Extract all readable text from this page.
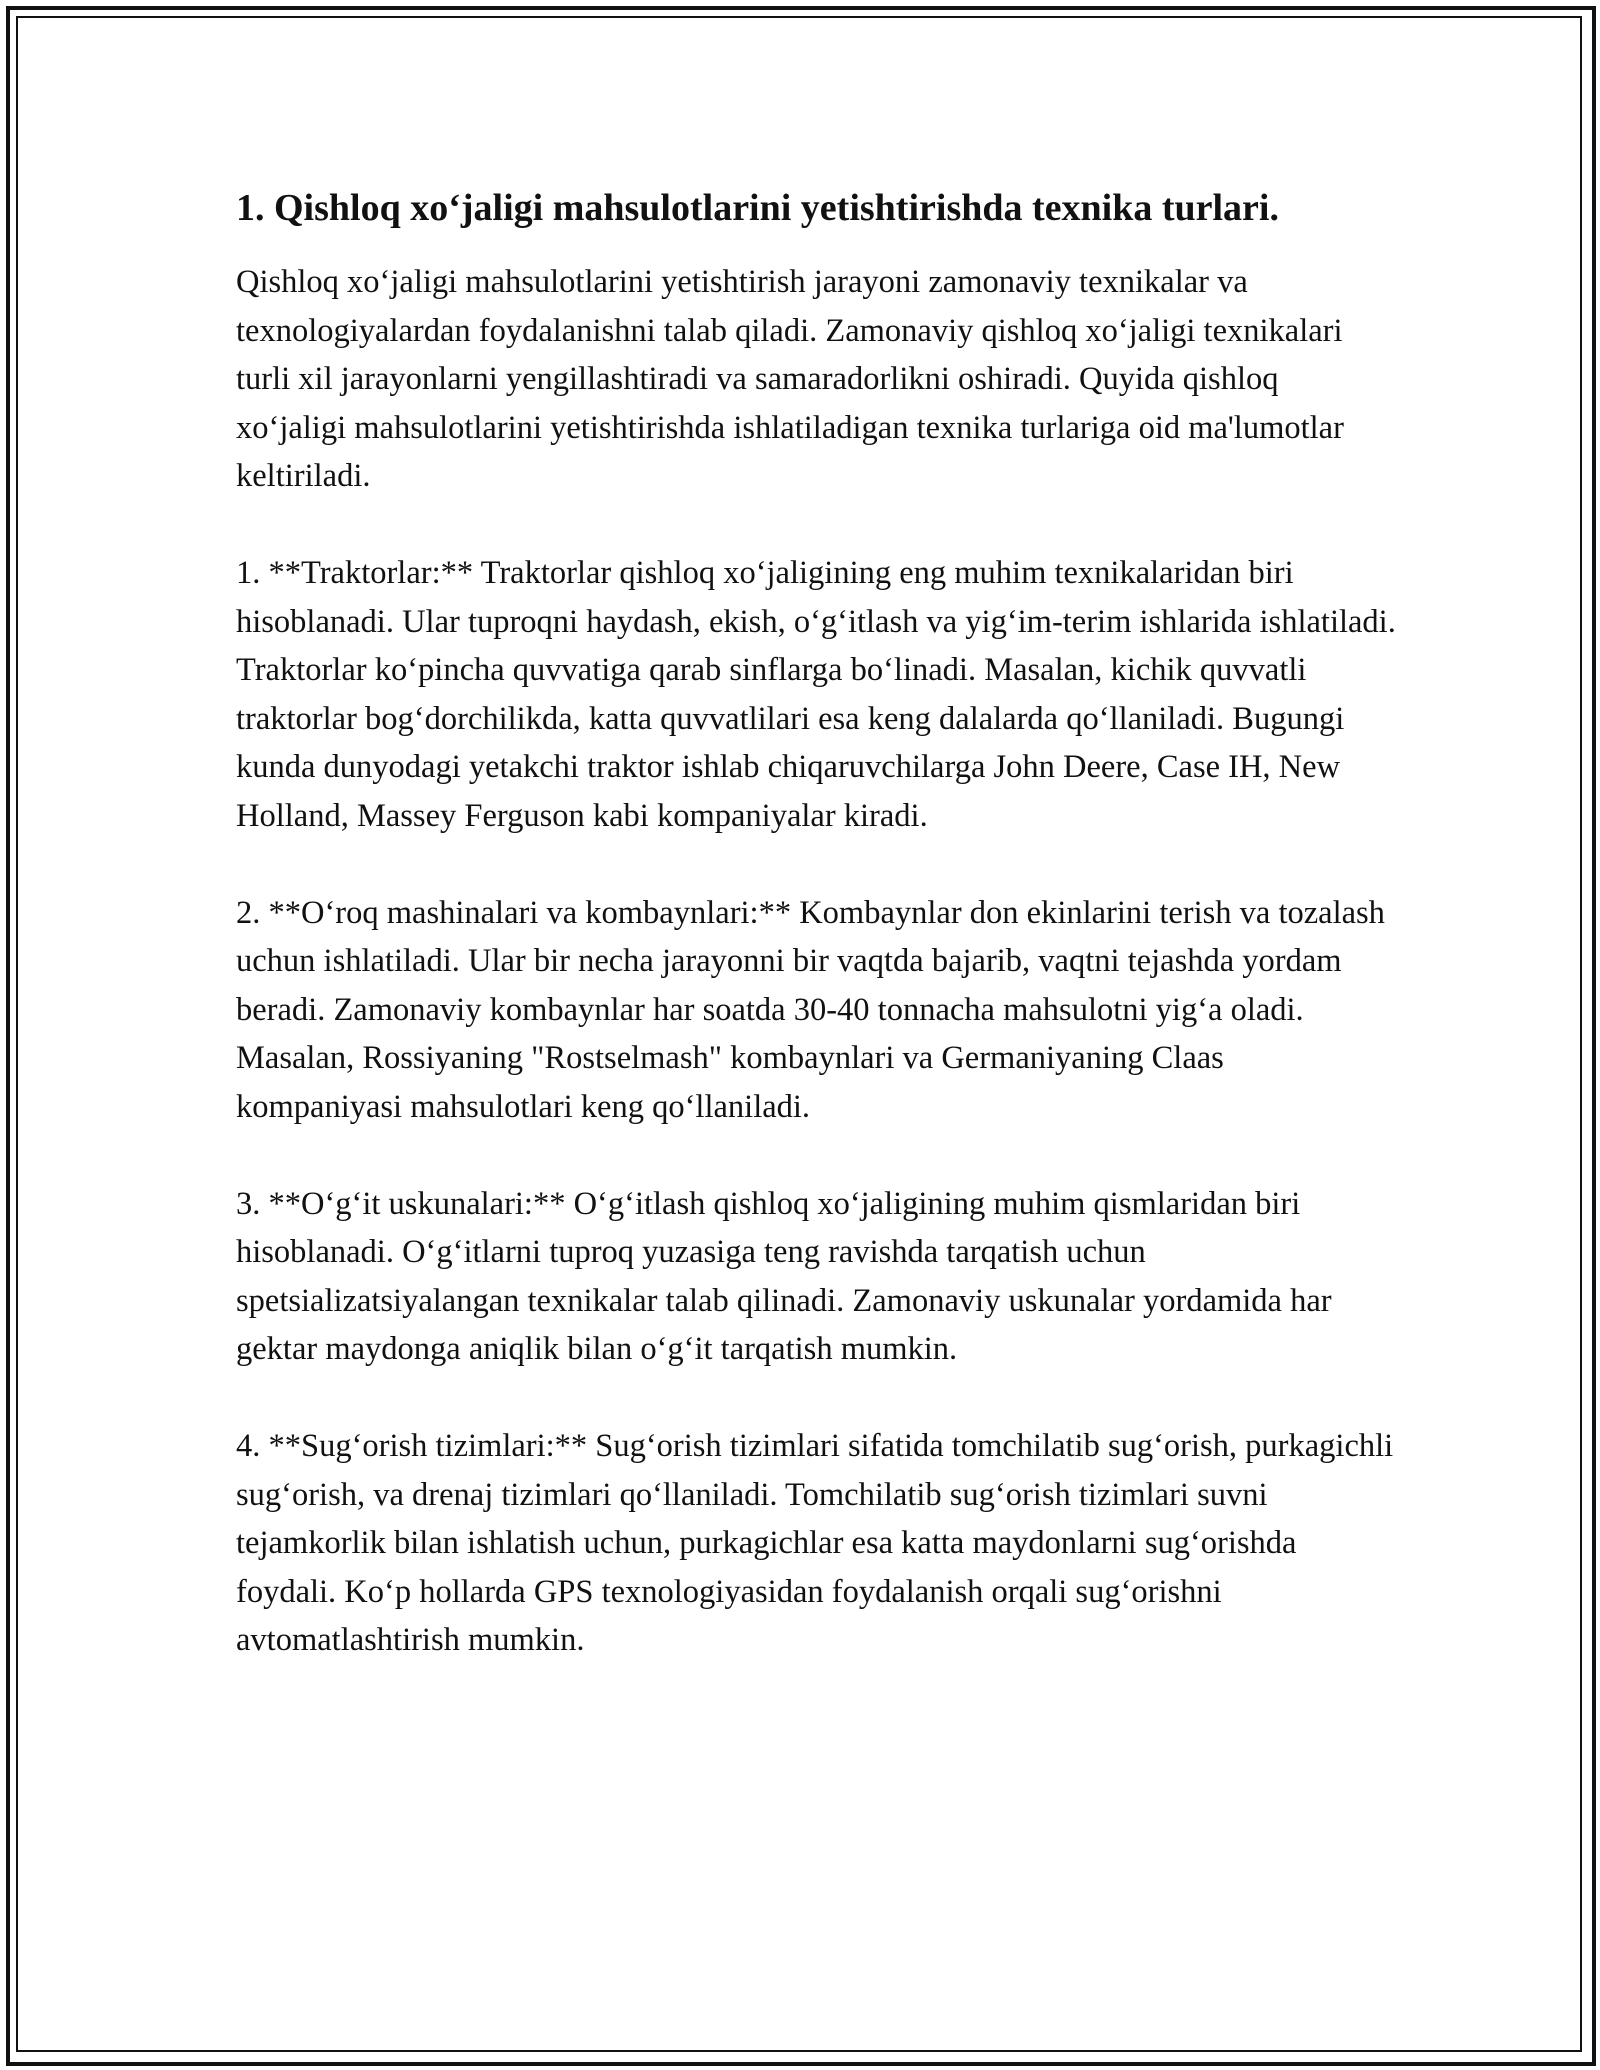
1. Qishloq xo‘jaligi mahsulotlarini yetishtirishda texnika turlari.

Qishloq xo‘jaligi mahsulotlarini yetishtirish jarayoni zamonaviy texnikalar va texnologiyalardan foydalanishni talab qiladi. Zamonaviy qishloq xo‘jaligi texnikalari turli xil jarayonlarni yengillashtiradi va samaradorlikni oshiradi. Quyida qishloq xo‘jaligi mahsulotlarini yetishtirishda ishlatiladigan texnika turlariga oid ma'lumotlar keltiriladi.

1. **Traktorlar:** Traktorlar qishloq xo‘jaligining eng muhim texnikalaridan biri hisoblanadi. Ular tuproqni haydash, ekish, o‘g‘itlash va yig‘im-terim ishlarida ishlatiladi. Traktorlar ko‘pincha quvvatiga qarab sinflarga bo‘linadi. Masalan, kichik quvvatli traktorlar bog‘dorchilikda, katta quvvatlilari esa keng dalalarda qo‘llaniladi. Bugungi kunda dunyodagi yetakchi traktor ishlab chiqaruvchilarga John Deere, Case IH, New Holland, Massey Ferguson kabi kompaniyalar kiradi.

2. **O‘roq mashinalari va kombaynlari:** Kombaynlar don ekinlarini terish va tozalash uchun ishlatiladi. Ular bir necha jarayonni bir vaqtda bajarib, vaqtni tejashda yordam beradi. Zamonaviy kombaynlar har soatda 30-40 tonnacha mahsulotni yig‘a oladi. Masalan, Rossiyaning "Rostselmash" kombaynlari va Germaniyaning Claas kompaniyasi mahsulotlari keng qo‘llaniladi.

3. **O‘g‘it uskunalari:** O‘g‘itlash qishloq xo‘jaligining muhim qismlaridan biri hisoblanadi. O‘g‘itlarni tuproq yuzasiga teng ravishda tarqatish uchun spetsializatsiyalangan texnikalar talab qilinadi. Zamonaviy uskunalar yordamida har gektar maydonga aniqlik bilan o‘g‘it tarqatish mumkin.

4. **Sug‘orish tizimlari:** Sug‘orish tizimlari sifatida tomchilatib sug‘orish, purkagichli sug‘orish, va drenaj tizimlari qo‘llaniladi. Tomchilatib sug‘orish tizimlari suvni tejamkorlik bilan ishlatish uchun, purkagichlar esa katta maydonlarni sug‘orishda foydali. Ko‘p hollarda GPS texnologiyasidan foydalanish orqali sug‘orishni avtomatlashtirish mumkin.
